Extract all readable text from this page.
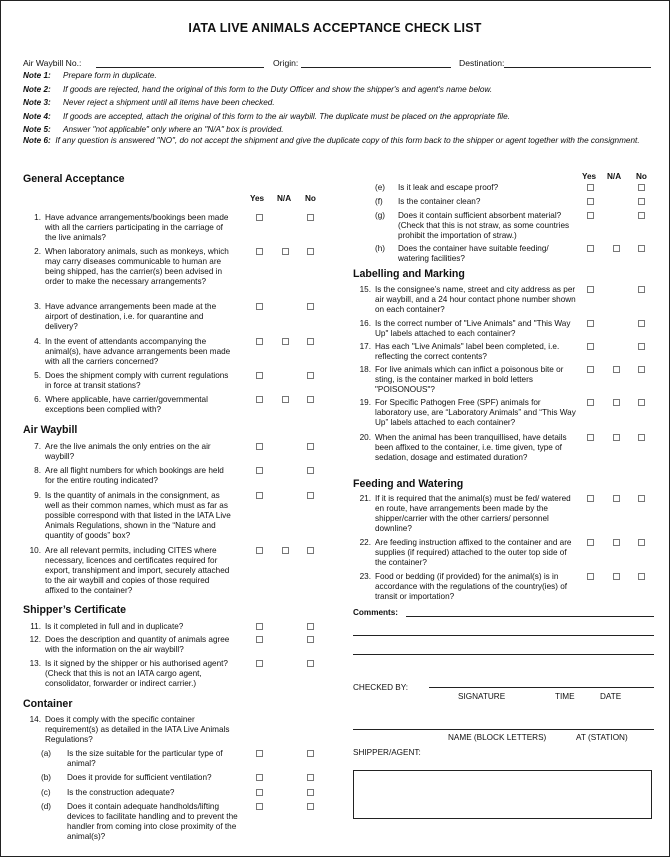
IATA LIVE ANIMALS ACCEPTANCE CHECK LIST
Air Waybill No.:	Origin:	Destination:
Note 1: Prepare form in duplicate.
Note 2: If goods are rejected, hand the original of this form to the Duty Officer and show the shipper's and agent's name below.
Note 3: Never reject a shipment until all items have been checked.
Note 4: If goods are accepted, attach the original of this form to the air waybill. The duplicate must be placed on the appropriate file.
Note 5: Answer "not applicable" only where an "N/A" box is provided.
Note 6: If any question is answered "NO", do not accept the shipment and give the duplicate copy of this form back to the shipper or agent together with the consignment.
General Acceptance
Yes N/A No
1. Have advance arrangements/bookings been made with all the carriers participating in the carriage of the live animals?
2. When laboratory animals, such as monkeys, which may carry diseases communicable to human are being shipped, has the carrier(s) been advised in order to make the necessary arrangements?
3. Have advance arrangements been made at the airport of destination, i.e. for quarantine and delivery?
4. In the event of attendants accompanying the animal(s), have advance arrangements been made with all the carriers concerned?
5. Does the shipment comply with current regulations in force at transit stations?
6. Where applicable, have carrier/governmental exceptions been complied with?
Air Waybill
7. Are the live animals the only entries on the air waybill?
8. Are all flight numbers for which bookings are held for the entire routing indicated?
9. Is the quantity of animals in the consignment, as well as their common names, which must as far as possible correspond with that listed in the IATA Live Animals Regulations, shown in the “Nature and quantity of goods” box?
10. Are all relevant permits, including CITES where necessary, licences and certificates required for export, transhipment and import, securely attached to the air waybill and copies of those required affixed to the container?
Shipper’s Certificate
11. Is it completed in full and in duplicate?
12. Does the description and quantity of animals agree with the information on the air waybill?
13. Is it signed by the shipper or his authorised agent? (Check that this is not an IATA cargo agent, consolidator, forwarder or indirect carrier.)
Container
14. Does it comply with the specific container requirement(s) as detailed in the IATA Live Animals Regulations?
(a)	Is the size suitable for the particular type of animal?
(b)	Does it provide for sufficient ventilation?
(c)	Is the construction adequate?
(d)	Does it contain adequate handholds/lifting devices to facilitate handling and to prevent the handler from coming into close proximity of the animal(s)?
Yes N/A No
(e)	Is it leak and escape proof?
(f)	Is the container clean?
(g)	Does it contain sufficient absorbent material? (Check that this is not straw, as some countries prohibit the importation of straw.)
(h)	Does the container have suitable feeding/ watering facilities?
Labelling and Marking
15. Is the consignee’s name, street and city address as per air waybill, and a 24 hour contact phone number shown on each container?
16. Is the correct number of "Live Animals" and "This Way Up" labels attached to each container?
17. Has each "Live Animals" label been completed, i.e. reflecting the correct contents?
18. For live animals which can inflict a poisonous bite or sting, is the container marked in bold letters "POISONOUS"?
19. For Specific Pathogen Free (SPF) animals for laboratory use, are “Laboratory Animals” and “This Way Up” labels attached to each container?
20. When the animal has been tranquillised, have details been affixed to the container, i.e. time given, type of sedation, dosage and estimated duration?
Feeding and Watering
21. If it is required that the animal(s) must be fed/ watered en route, have arrangements been made by the shipper/carrier with the other carriers/ personnel downline?
22. Are feeding instruction affixed to the container and are supplies (if required) attached to the outer top side of the container?
23. Food or bedding (if provided) for the animal(s) is in accordance with the regulations of the country(ies) of transit or importation?
Comments:
CHECKED BY:
SIGNATURE	TIME	DATE
NAME (BLOCK LETTERS)	AT (STATION)
SHIPPER/AGENT:
